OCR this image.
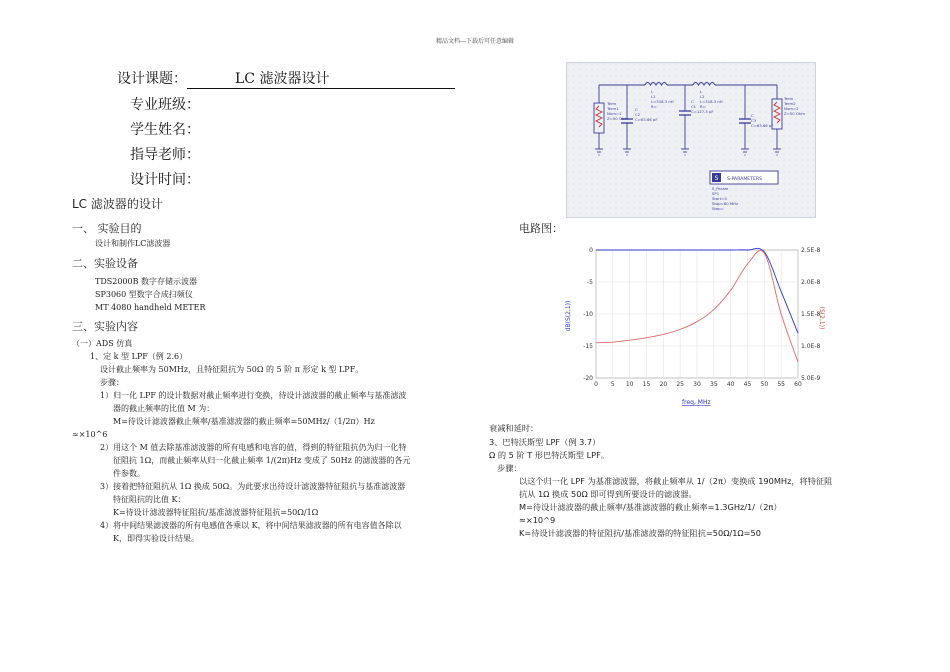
精品文档---下载后可任意编辑
设计课题：	LC 滤波器设计
专业班级：
学生姓名：
指导老师：
设计时间：
LC 滤波器的设计
一、 实验目的
设计和制作LC滤波器
二、实验设备
TDS2000B 数字存储示波器
SP3060 型数字合成扫频仪
MT 4080 handheld METER
三、实验内容
（一）ADS 仿真
1、定 k 型 LPF（例 2.6）
设计截止频率为 50MHz，且特征阻抗为 50Ω 的 5 阶 π 形定 k 型 LPF。
步骤：
1）归一化 LPF 的设计数据对截止频率进行变换，待设计滤波器的截止频率与基准滤波
器的截止频率的比值 M 为：
M=待设计滤波器截止频率/基准滤波器的截止频率=50MHz/（1/2π）Hz
≈×10^6
2）用这个 M 值去除基准滤波器的所有电感和电容的值，得到的特征阻抗仍为归一化特
征阻抗 1Ω，而截止频率从归一化截止频率 1/(2π)Hz 变成了 50Hz 的滤波器的各元
件参数。
3）接着把特征阻抗从 1Ω 换成 50Ω。为此要求出待设计滤波器特征阻抗与基准滤波器
特征阻抗的比值 K：
K=待设计滤波器特征阻抗/基准滤波器特征阻抗=50Ω/1Ω
4）将中间结果滤波器的所有电感值各乘以 K，将中间结果滤波器的所有电容值各除以
K，即得实验设计结果。
电路图：
Term
Term1
Num=1
Z=50 Ohm
C
C2
C=63.66 pF
L
L1
L=318.3 nH
R=
C
C1
C=127.3 pF
L
L2
L=318.3 nH
R=
C
C3
C=63.66 pF
Term
Term2
Num=2
Z=50 Ohm
S S-PARAMETERS
S_Param
SP1
Start=0
Stop=60 MHz
Step=
0 5 10 15 20 25 30 35 40 45 50 55 60
0
-5
-10
-15
-20
2.5E-8
2.0E-8
1.5E-8
1.0E-8
5.0E-9
dB(S(2,1))	(S(2,1))
freq, MHz
衰减和延时：
3、巴特沃斯型 LPF（例 3.7）
Ω 的 5 阶 T 形巴特沃斯型 LPF。
步骤：
以这个归一化 LPF 为基准滤波器，将截止频率从 1/（2π）变换成 190MHz，将特征阻
抗从 1Ω 换成 50Ω 即可得到所要设计的滤波器。
M=待设计滤波器的截止频率/基准滤波器的截止频率=1.3GHz/1/（2π）
≈×10^9
K=待设计滤波器的特征阻抗/基准滤波器的特征阻抗=50Ω/1Ω=50
